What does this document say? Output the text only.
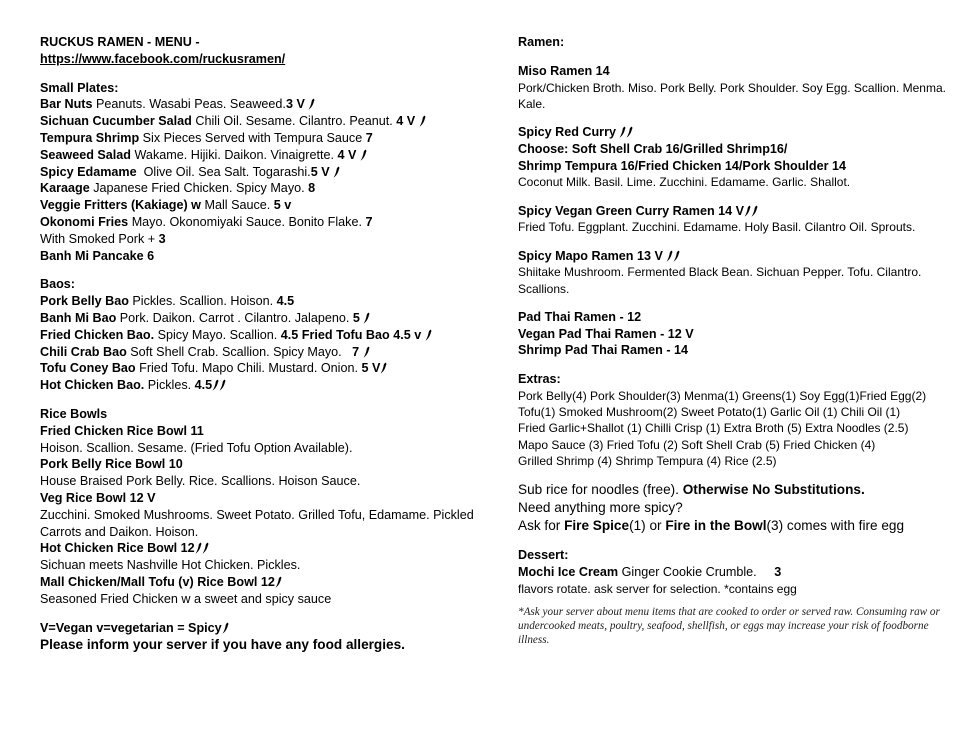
RUCKUS RAMEN - MENU -
https://www.facebook.com/ruckusramen/
Small Plates:
Bar Nuts Peanuts. Wasabi Peas. Seaweed.3 V
Sichuan Cucumber Salad Chili Oil. Sesame. Cilantro. Peanut. 4 V
Tempura Shrimp Six Pieces Served with Tempura Sauce 7
Seaweed Salad Wakame. Hijiki. Daikon. Vinaigrette. 4 V
Spicy Edamame Olive Oil. Sea Salt. Togarashi.5 V
Karaage Japanese Fried Chicken. Spicy Mayo. 8
Veggie Fritters (Kakiage) w Mall Sauce. 5 v
Okonomi Fries Mayo. Okonomiyaki Sauce. Bonito Flake. 7
With Smoked Pork + 3
Banh Mi Pancake 6
Baos:
Pork Belly Bao Pickles. Scallion. Hoison. 4.5
Banh Mi Bao Pork. Daikon. Carrot . Cilantro. Jalapeno. 5
Fried Chicken Bao. Spicy Mayo. Scallion. 4.5 Fried Tofu Bao 4.5 v
Chili Crab Bao Soft Shell Crab. Scallion. Spicy Mayo. 7
Tofu Coney Bao Fried Tofu. Mapo Chili. Mustard. Onion. 5 V
Hot Chicken Bao. Pickles. 4.5
Rice Bowls
Fried Chicken Rice Bowl 11
Hoison. Scallion. Sesame. (Fried Tofu Option Available).
Pork Belly Rice Bowl 10
House Braised Pork Belly. Rice. Scallions. Hoison Sauce.
Veg Rice Bowl 12 V
Zucchini. Smoked Mushrooms. Sweet Potato. Grilled Tofu, Edamame. Pickled Carrots and Daikon. Hoison.
Hot Chicken Rice Bowl 12
Sichuan meets Nashville Hot Chicken. Pickles.
Mall Chicken/Mall Tofu (v) Rice Bowl 12
Seasoned Fried Chicken w a sweet and spicy sauce
V=Vegan v=vegetarian = Spicy
Please inform your server if you have any food allergies.
Ramen:
Miso Ramen 14
Pork/Chicken Broth. Miso. Pork Belly. Pork Shoulder. Soy Egg. Scallion. Menma. Kale.
Spicy Red Curry
Choose: Soft Shell Crab 16/Grilled Shrimp16/
Shrimp Tempura 16/Fried Chicken 14/Pork Shoulder 14
Coconut Milk. Basil. Lime. Zucchini. Edamame. Garlic. Shallot.
Spicy Vegan Green Curry Ramen 14 V
Fried Tofu. Eggplant. Zucchini. Edamame. Holy Basil. Cilantro Oil. Sprouts.
Spicy Mapo Ramen 13 V
Shiitake Mushroom. Fermented Black Bean. Sichuan Pepper. Tofu. Cilantro. Scallions.
Pad Thai Ramen - 12
Vegan Pad Thai Ramen - 12 V
Shrimp Pad Thai Ramen - 14
Extras:
Pork Belly(4) Pork Shoulder(3) Menma(1) Greens(1) Soy Egg(1)Fried Egg(2)
Tofu(1) Smoked Mushroom(2) Sweet Potato(1) Garlic Oil (1) Chili Oil (1)
Fried Garlic+Shallot (1) Chilli Crisp (1) Extra Broth (5) Extra Noodles (2.5)
Mapo Sauce (3) Fried Tofu (2) Soft Shell Crab (5) Fried Chicken (4)
Grilled Shrimp (4) Shrimp Tempura (4) Rice (2.5)
Sub rice for noodles (free). Otherwise No Substitutions.
Need anything more spicy?
Ask for Fire Spice(1) or Fire in the Bowl(3) comes with fire egg
Dessert:
Mochi Ice Cream Ginger Cookie Crumble. 3
flavors rotate. ask server for selection. *contains egg
*Ask your server about menu items that are cooked to order or served raw. Consuming raw or undercooked meats, poultry, seafood, shellfish, or eggs may increase your risk of foodborne illness.
